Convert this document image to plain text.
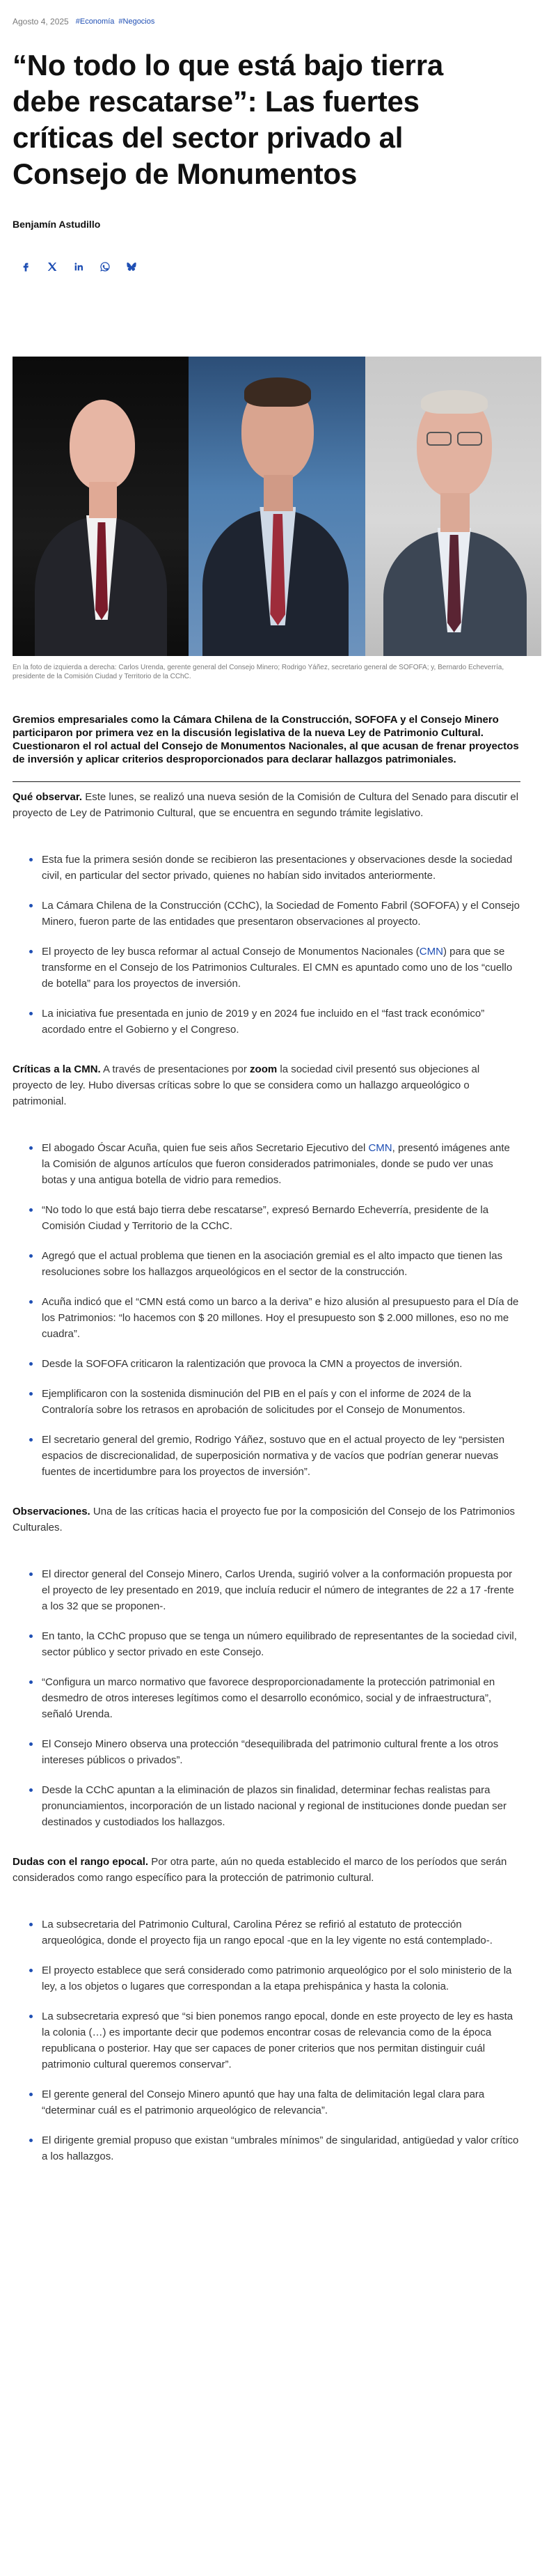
Agosto 4, 2025 #Economía #Negocios
“No todo lo que está bajo tierra debe rescatarse”: Las fuertes críticas del sector privado al Consejo de Monumentos
Benjamín Astudillo
En la foto de izquierda a derecha: Carlos Urenda, gerente general del Consejo Minero; Rodrigo Yáñez, secretario general de SOFOFA; y, Bernardo Echeverría, presidente de la Comisión Ciudad y Territorio de la CChC.
Gremios empresariales como la Cámara Chilena de la Construcción, SOFOFA y el Consejo Minero participaron por primera vez en la discusión legislativa de la nueva Ley de Patrimonio Cultural. Cuestionaron el rol actual del Consejo de Monumentos Nacionales, al que acusan de frenar proyectos de inversión y aplicar criterios desproporcionados para declarar hallazgos patrimoniales.

Qué observar. Este lunes, se realizó una nueva sesión de la Comisión de Cultura del Senado para discutir el proyecto de Ley de Patrimonio Cultural, que se encuentra en segundo trámite legislativo.

Esta fue la primera sesión donde se recibieron las presentaciones y observaciones desde la sociedad civil, en particular del sector privado, quienes no habían sido invitados anteriormente.
La Cámara Chilena de la Construcción (CChC), la Sociedad de Fomento Fabril (SOFOFA) y el Consejo Minero, fueron parte de las entidades que presentaron observaciones al proyecto.
El proyecto de ley busca reformar al actual Consejo de Monumentos Nacionales (CMN) para que se transforme en el Consejo de los Patrimonios Culturales. El CMN es apuntado como uno de los “cuello de botella” para los proyectos de inversión.
La iniciativa fue presentada en junio de 2019 y en 2024 fue incluido en el “fast track económico” acordado entre el Gobierno y el Congreso.

Críticas a la CMN. A través de presentaciones por zoom la sociedad civil presentó sus objeciones al proyecto de ley. Hubo diversas críticas sobre lo que se considera como un hallazgo arqueológico o patrimonial.

El abogado Óscar Acuña, quien fue seis años Secretario Ejecutivo del CMN, presentó imágenes ante la Comisión de algunos artículos que fueron considerados patrimoniales, donde se pudo ver unas botas y una antigua botella de vidrio para remedios.
“No todo lo que está bajo tierra debe rescatarse”, expresó Bernardo Echeverría, presidente de la Comisión Ciudad y Territorio de la CChC.
Agregó que el actual problema que tienen en la asociación gremial es el alto impacto que tienen las resoluciones sobre los hallazgos arqueológicos en el sector de la construcción.
Acuña indicó que el “CMN está como un barco a la deriva” e hizo alusión al presupuesto para el Día de los Patrimonios: “lo hacemos con $ 20 millones. Hoy el presupuesto son $ 2.000 millones, eso no me cuadra”.
Desde la SOFOFA criticaron la ralentización que provoca la CMN a proyectos de inversión.
Ejemplificaron con la sostenida disminución del PIB en el país y con el informe de 2024 de la Contraloría sobre los retrasos en aprobación de solicitudes por el Consejo de Monumentos.
El secretario general del gremio, Rodrigo Yáñez, sostuvo que en el actual proyecto de ley “persisten espacios de discrecionalidad, de superposición normativa y de vacíos que podrían generar nuevas fuentes de incertidumbre para los proyectos de inversión”.

Observaciones. Una de las críticas hacia el proyecto fue por la composición del Consejo de los Patrimonios Culturales.

El director general del Consejo Minero, Carlos Urenda, sugirió volver a la conformación propuesta por el proyecto de ley presentado en 2019, que incluía reducir el número de integrantes de 22 a 17 -frente a los 32 que se proponen-.
En tanto, la CChC propuso que se tenga un número equilibrado de representantes de la sociedad civil, sector público y sector privado en este Consejo.
“Configura un marco normativo que favorece desproporcionadamente la protección patrimonial en desmedro de otros intereses legítimos como el desarrollo económico, social y de infraestructura”, señaló Urenda.
El Consejo Minero observa una protección “desequilibrada del patrimonio cultural frente a los otros intereses públicos o privados”.
Desde la CChC apuntan a la eliminación de plazos sin finalidad, determinar fechas realistas para pronunciamientos, incorporación de un listado nacional y regional de instituciones donde puedan ser destinados y custodiados los hallazgos.

Dudas con el rango epocal. Por otra parte, aún no queda establecido el marco de los períodos que serán considerados como rango específico para la protección de patrimonio cultural.

La subsecretaria del Patrimonio Cultural, Carolina Pérez se refirió al estatuto de protección arqueológica, donde el proyecto fija un rango epocal -que en la ley vigente no está contemplado-.
El proyecto establece que será considerado como patrimonio arqueológico por el solo ministerio de la ley, a los objetos o lugares que correspondan a la etapa prehispánica y hasta la colonia.
La subsecretaria expresó que “si bien ponemos rango epocal, donde en este proyecto de ley es hasta la colonia (…) es importante decir que podemos encontrar cosas de relevancia como de la época republicana o posterior. Hay que ser capaces de poner criterios que nos permitan distinguir cuál patrimonio cultural queremos conservar”.
El gerente general del Consejo Minero apuntó que hay una falta de delimitación legal clara para “determinar cuál es el patrimonio arqueológico de relevancia”.
El dirigente gremial propuso que existan “umbrales mínimos” de singularidad, antigüedad y valor crítico a los hallazgos.
